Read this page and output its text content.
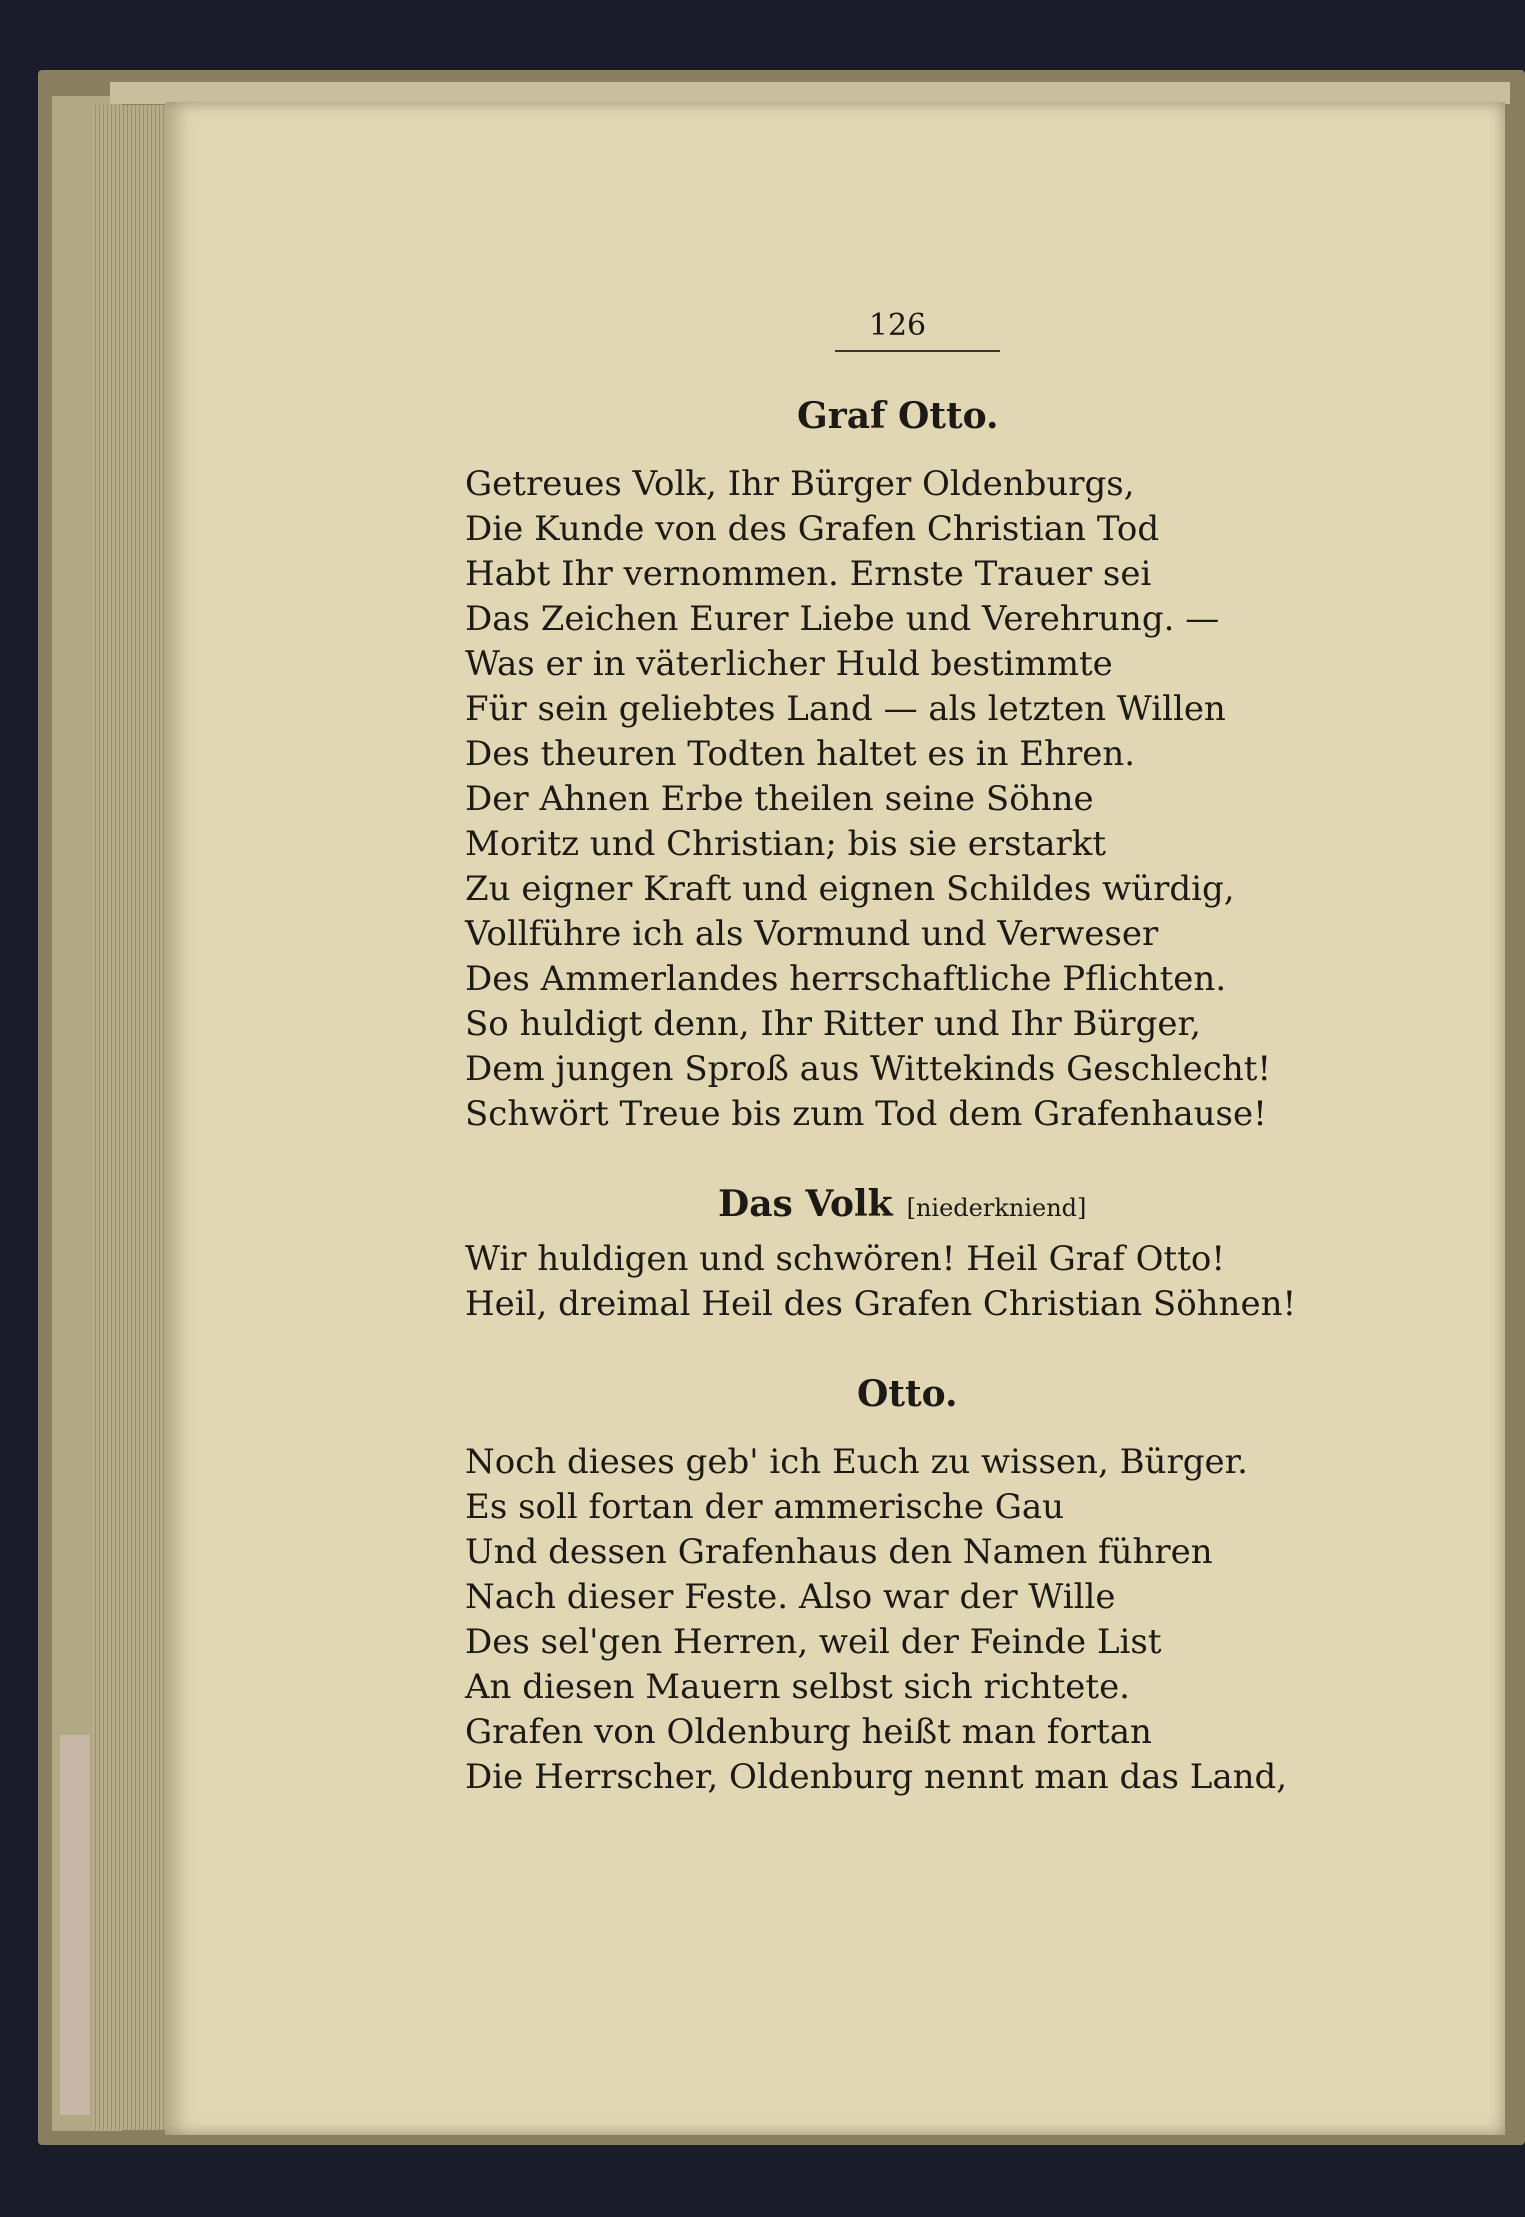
126
Graf Otto.
Getreues Volk, Ihr Bürger Oldenburgs,
Die Kunde von des Grafen Christian Tod
Habt Ihr vernommen. Ernste Trauer sei
Das Zeichen Eurer Liebe und Verehrung. —
Was er in väterlicher Huld bestimmte
Für sein geliebtes Land — als letzten Willen
Des theuren Todten haltet es in Ehren.
Der Ahnen Erbe theilen seine Söhne
Moritz und Christian; bis sie erstarkt
Zu eigner Kraft und eignen Schildes würdig,
Vollführe ich als Vormund und Verweser
Des Ammerlandes herrschaftliche Pflichten.
So huldigt denn, Ihr Ritter und Ihr Bürger,
Dem jungen Sproß aus Wittekinds Geschlecht!
Schwört Treue bis zum Tod dem Grafenhause!
Das Volk [niederkniend]
Wir huldigen und schwören! Heil Graf Otto!
Heil, dreimal Heil des Grafen Christian Söhnen!
Otto.
Noch dieses geb' ich Euch zu wissen, Bürger.
Es soll fortan der ammerische Gau
Und dessen Grafenhaus den Namen führen
Nach dieser Feste. Also war der Wille
Des sel'gen Herren, weil der Feinde List
An diesen Mauern selbst sich richtete.
Grafen von Oldenburg heißt man fortan
Die Herrscher, Oldenburg nennt man das Land,
